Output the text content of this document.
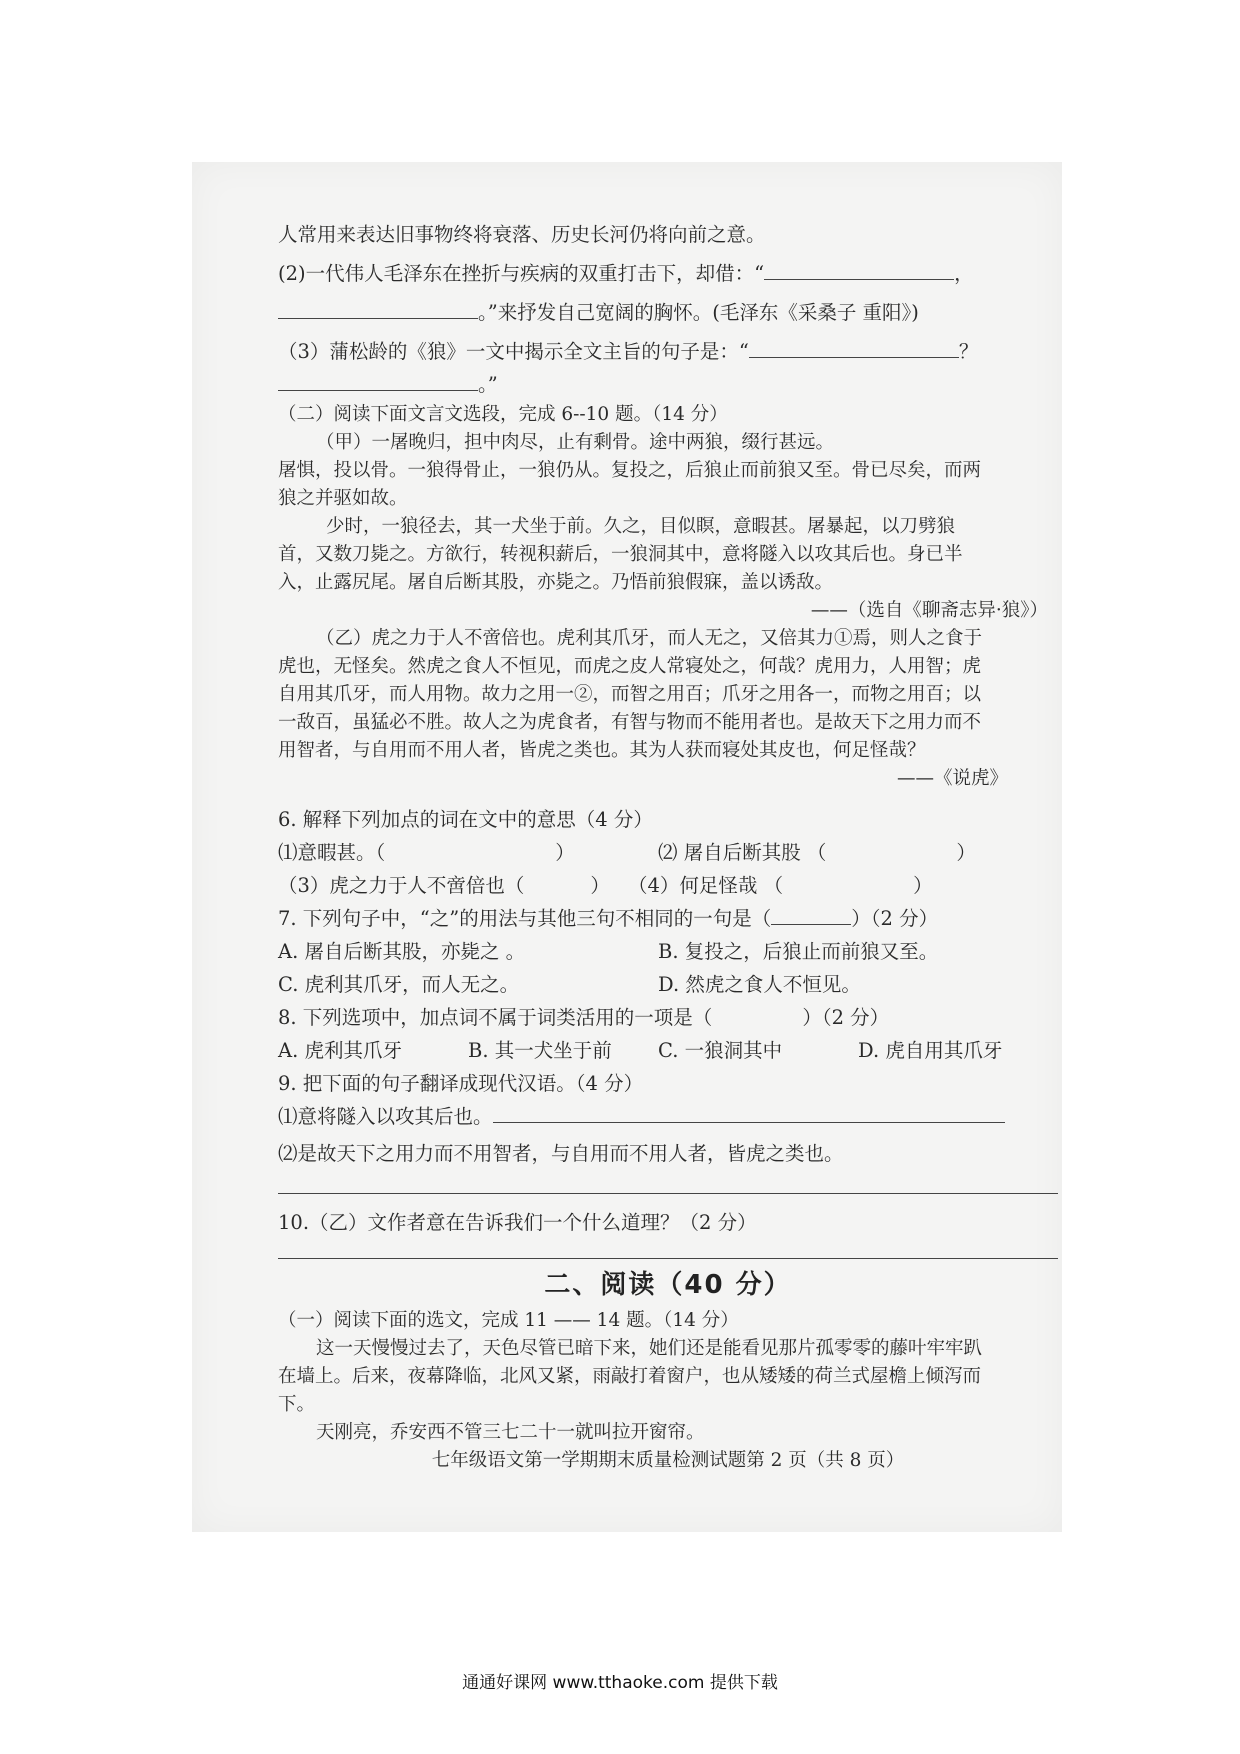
人常用来表达旧事物终将衰落、历史长河仍将向前之意。
(2)一代伟人毛泽东在挫折与疾病的双重打击下，却借：“	，
。”来抒发自己宽阔的胸怀。(毛泽东《采桑子 重阳》)
（3）蒲松龄的《狼》一文中揭示全文主旨的句子是：“	？
。”
（二）阅读下面文言文选段，完成 6--10 题。（14 分）
（甲）一屠晚归，担中肉尽，止有剩骨。途中两狼，缀行甚远。
屠惧，投以骨。一狼得骨止，一狼仍从。复投之，后狼止而前狼又至。骨已尽矣，而两
狼之并驱如故。
少时，一狼径去，其一犬坐于前。久之，目似瞑，意暇甚。屠暴起，以刀劈狼
首，又数刀毙之。方欲行，转视积薪后，一狼洞其中，意将隧入以攻其后也。身已半
入，止露尻尾。屠自后断其股，亦毙之。乃悟前狼假寐，盖以诱敌。
——（选自《聊斋志异·狼》）
（乙）虎之力于人不啻倍也。虎利其爪牙，而人无之，又倍其力①焉，则人之食于
虎也，无怪矣。然虎之食人不恒见，而虎之皮人常寝处之，何哉？虎用力，人用智；虎
自用其爪牙，而人用物。故力之用一②，而智之用百；爪牙之用各一，而物之用百；以
一敌百，虽猛必不胜。故人之为虎食者，有智与物而不能用者也。是故天下之用力而不
用智者，与自用而不用人者，皆虎之类也。其为人获而寝处其皮也，何足怪哉？
——《说虎》
6. 解释下列加点的词在文中的意思（4 分）
⑴意暇甚。（	）	⑵ 屠自后断其股 （	）
（3）虎之力于人不啻倍也（	） （4）何足怪哉 （	）
7. 下列句子中，“之”的用法与其他三句不相同的一句是（	）（2 分）
A. 屠自后断其股，亦毙之 。	B. 复投之，后狼止而前狼又至。
C. 虎利其爪牙，而人无之。	D. 然虎之食人不恒见。
8. 下列选项中，加点词不属于词类活用的一项是（	）（2 分）
A. 虎利其爪牙	B. 其一犬坐于前	C. 一狼洞其中	D. 虎自用其爪牙
9. 把下面的句子翻译成现代汉语。（4 分）
⑴意将隧入以攻其后也。
⑵是故天下之用力而不用智者，与自用而不用人者，皆虎之类也。
10.（乙）文作者意在告诉我们一个什么道理？（2 分）
二、阅读（40 分）
（一）阅读下面的选文，完成 11 —— 14 题。（14 分）
这一天慢慢过去了，天色尽管已暗下来，她们还是能看见那片孤零零的藤叶牢牢趴
在墙上。后来，夜幕降临，北风又紧，雨敲打着窗户，也从矮矮的荷兰式屋檐上倾泻而
下。
天刚亮，乔安西不管三七二十一就叫拉开窗帘。
七年级语文第一学期期末质量检测试题第 2 页（共 8 页）
通通好课网 www.tthaoke.com 提供下载
